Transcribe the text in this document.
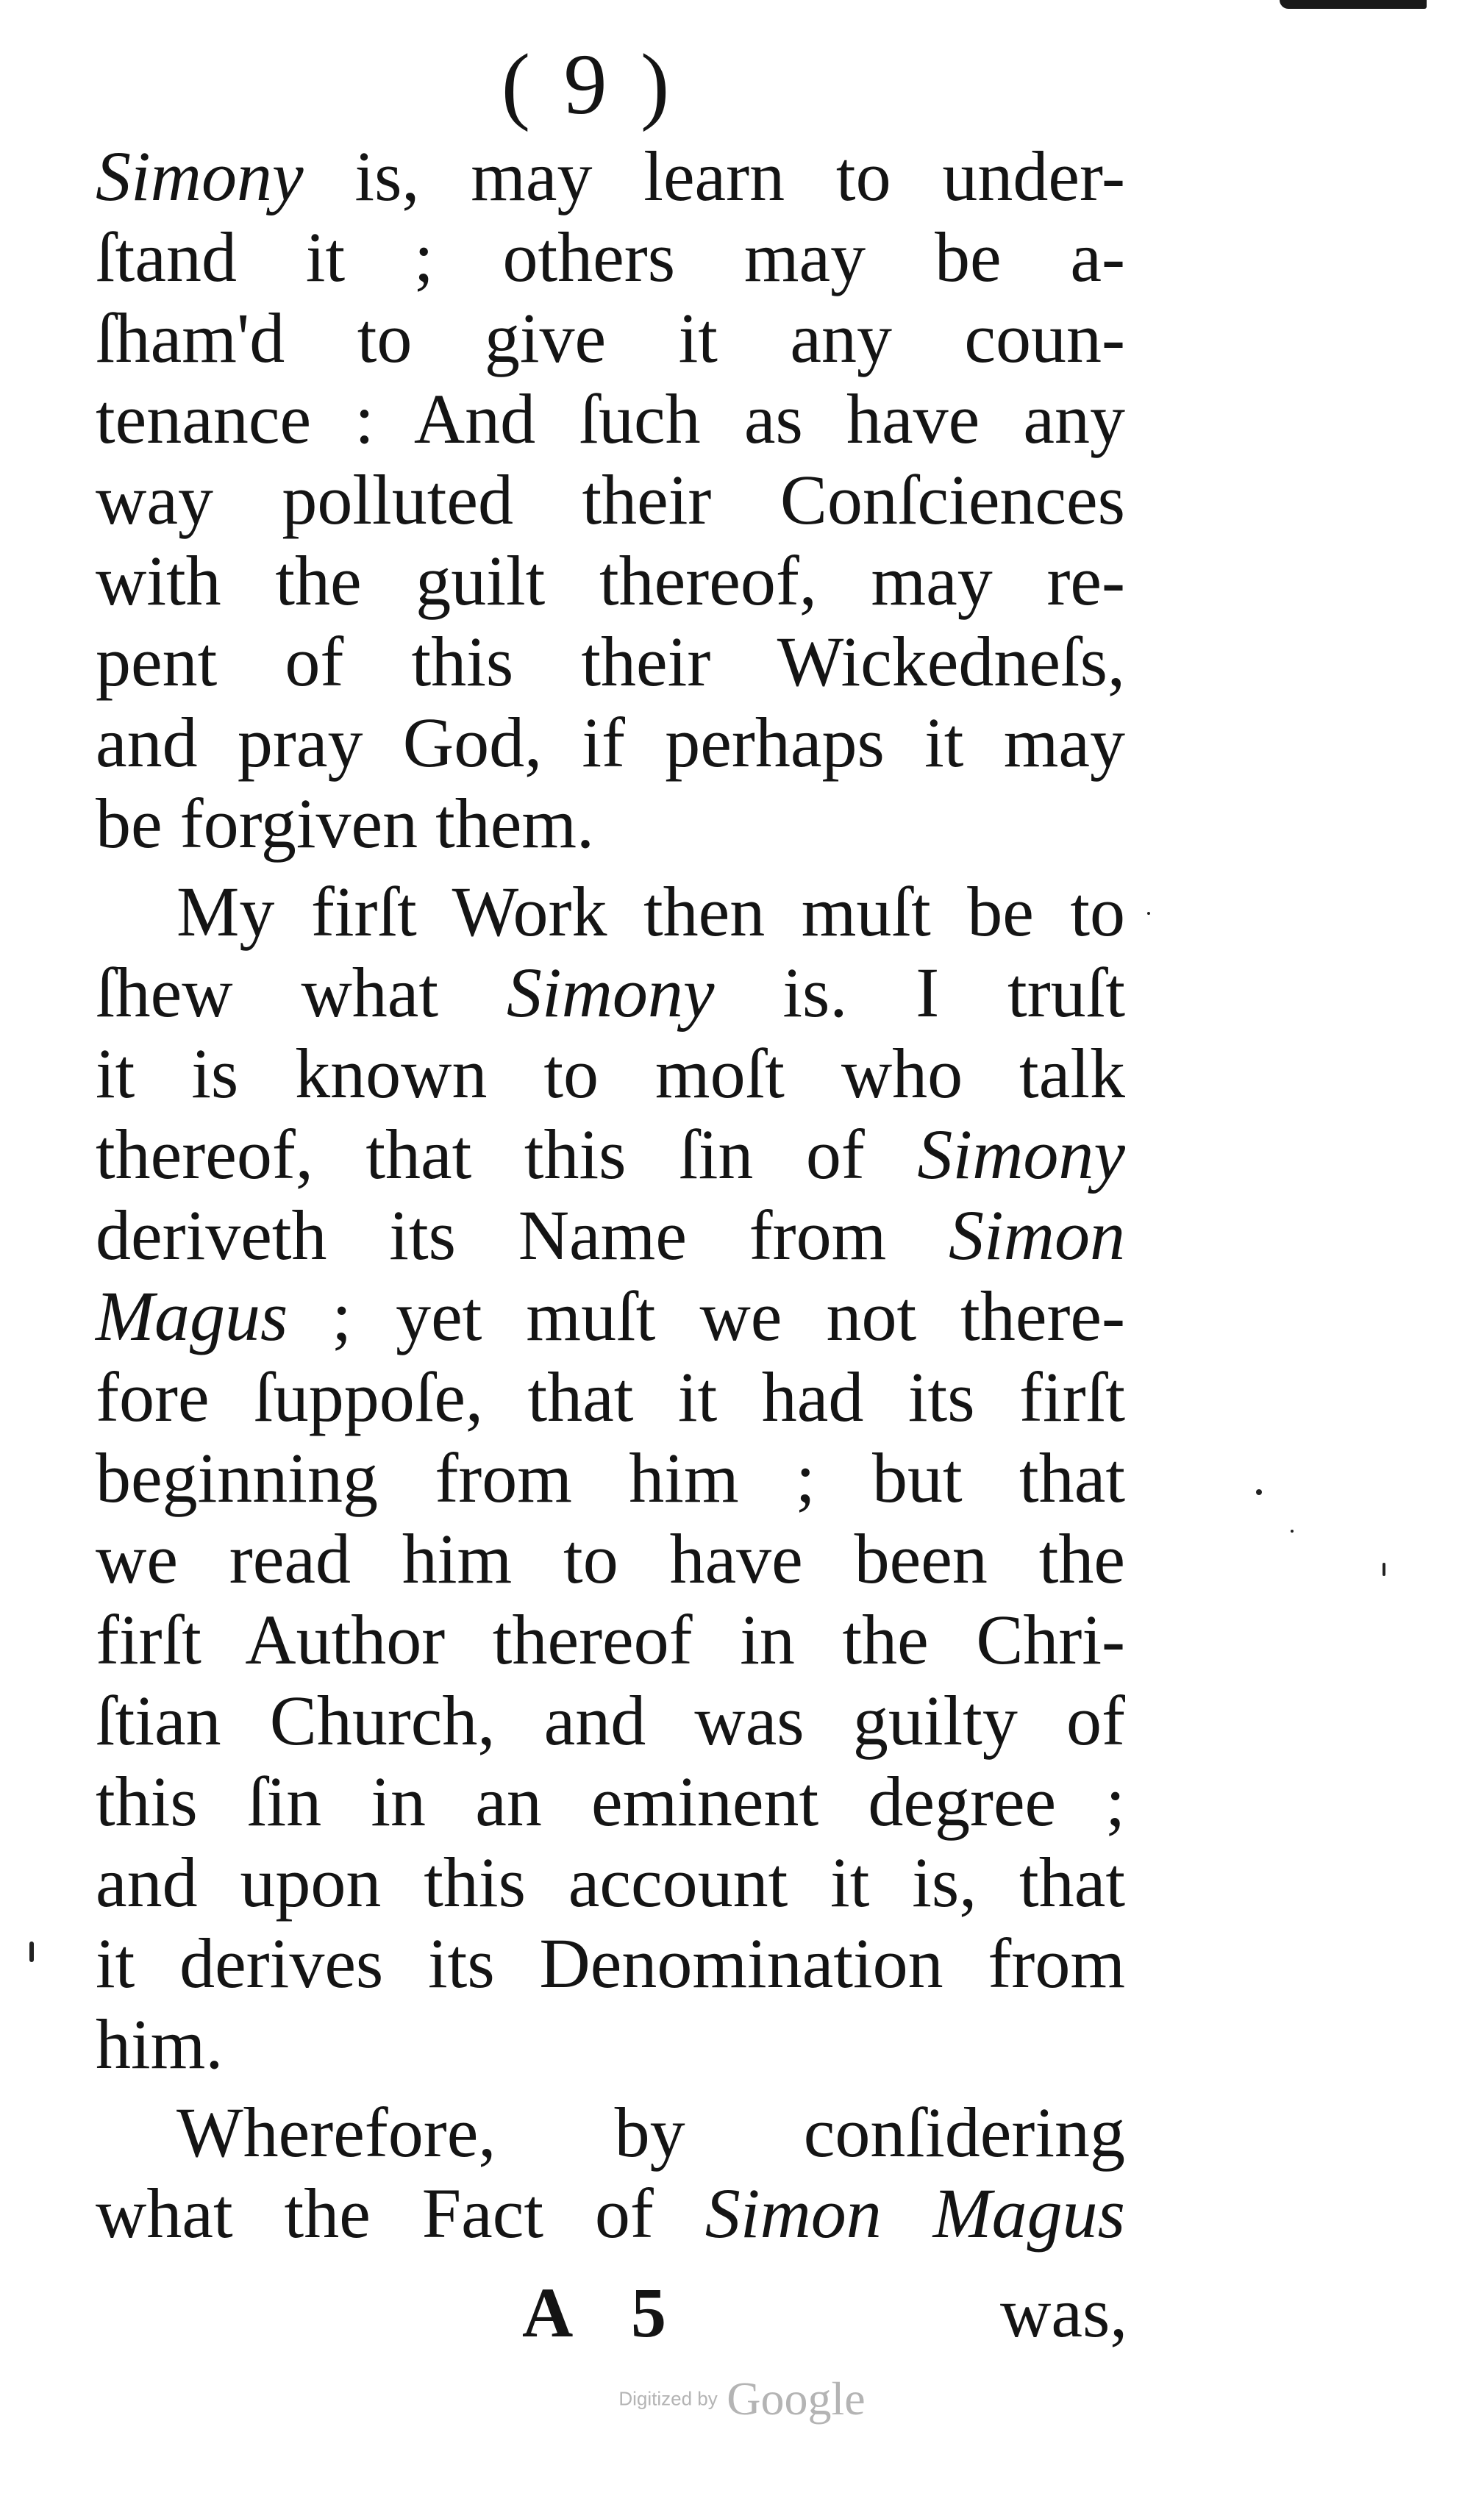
( 9 )
Simony is, may learn to under-
ſtand it ; others may be a-
ſham'd to give it any coun-
tenance : And ſuch as have any
way polluted their Conſciences
with the guilt thereof, may re-
pent of this their Wickedneſs,
and pray God, if perhaps it may
be forgiven them.
My firſt Work then muſt be to
ſhew what Simony is. I truſt
it is known to moſt who talk
thereof, that this ſin of Simony
deriveth its Name from Simon
Magus ; yet muſt we not there-
fore ſuppoſe, that it had its firſt
beginning from him ; but that
we read him to have been the
firſt Author thereof in the Chri-
ſtian Church, and was guilty of
this ſin in an eminent degree ;
and upon this account it is, that
it derives its Denomination from
him.
Wherefore, by conſidering
what the Fact of Simon Magus
A 5	was,
Digitized by Google
